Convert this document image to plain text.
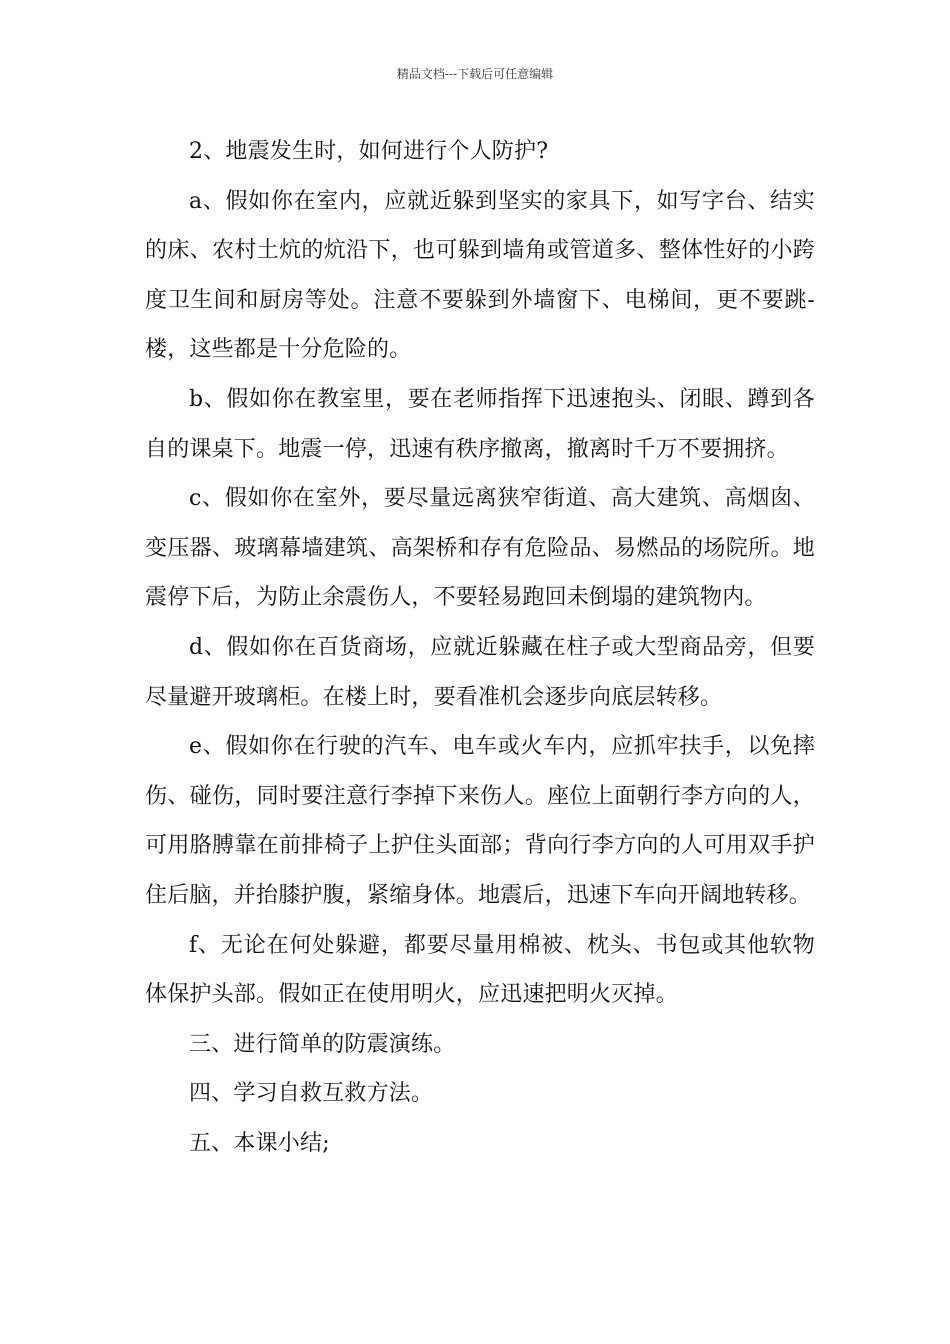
精品文档---下载后可任意编辑

2、地震发生时，如何进行个人防护?

a、假如你在室内，应就近躲到坚实的家具下，如写字台、结实的床、农村土炕的炕沿下，也可躲到墙角或管道多、整体性好的小跨度卫生间和厨房等处。注意不要躲到外墙窗下、电梯间，更不要跳-楼，这些都是十分危险的。

b、假如你在教室里，要在老师指挥下迅速抱头、闭眼、蹲到各自的课桌下。地震一停，迅速有秩序撤离，撤离时千万不要拥挤。

c、假如你在室外，要尽量远离狭窄街道、高大建筑、高烟囱、变压器、玻璃幕墙建筑、高架桥和存有危险品、易燃品的场院所。地震停下后，为防止余震伤人，不要轻易跑回未倒塌的建筑物内。

d、假如你在百货商场，应就近躲藏在柱子或大型商品旁，但要尽量避开玻璃柜。在楼上时，要看准机会逐步向底层转移。

e、假如你在行驶的汽车、电车或火车内，应抓牢扶手，以免摔伤、碰伤，同时要注意行李掉下来伤人。座位上面朝行李方向的人，可用胳膊靠在前排椅子上护住头面部；背向行李方向的人可用双手护住后脑，并抬膝护腹，紧缩身体。地震后，迅速下车向开阔地转移。

f、无论在何处躲避，都要尽量用棉被、枕头、书包或其他软物体保护头部。假如正在使用明火，应迅速把明火灭掉。

三、进行简单的防震演练。

四、学习自救互救方法。

五、本课小结;
